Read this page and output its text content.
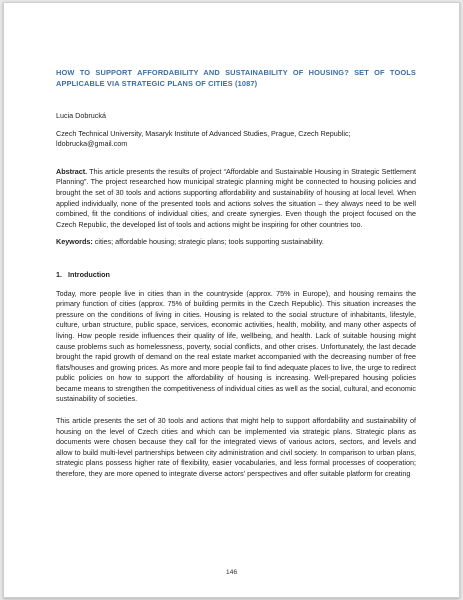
HOW TO SUPPORT AFFORDABILITY AND SUSTAINABILITY OF HOUSING? SET OF TOOLS APPLICABLE VIA STRATEGIC PLANS OF CITIES (1087)

Lucia Dobrucká

Czech Technical University, Masaryk Institute of Advanced Studies, Prague, Czech Republic; ldobrucka@gmail.com

Abstract. This article presents the results of project “Affordable and Sustainable Housing in Strategic Settlement Planning”. The project researched how municipal strategic planning might be connected to housing policies and brought the set of 30 tools and actions supporting affordability and sustainability of housing at local level. When applied individually, none of the presented tools and actions solves the situation – they always need to be well combined, fit the conditions of individual cities, and create synergies. Even though the project focused on the Czech Republic, the developed list of tools and actions might be inspiring for other countries too.

Keywords: cities; affordable housing; strategic plans; tools supporting sustainability.

1. Introduction

Today, more people live in cities than in the countryside (approx. 75% in Europe), and housing remains the primary function of cities (approx. 75% of building permits in the Czech Republic). This situation increases the pressure on the conditions of living in cities. Housing is related to the social structure of inhabitants, lifestyle, culture, urban structure, public space, services, economic activities, health, mobility, and many other aspects of living. How people reside influences their quality of life, wellbeing, and health. Lack of suitable housing might cause problems such as homelessness, poverty, social conflicts, and other crises. Unfortunately, the last decade brought the rapid growth of demand on the real estate market accompanied with the decreasing number of free flats/houses and growing prices. As more and more people fail to find adequate places to live, the urge to redirect public policies on how to support the affordability of housing is increasing. Well-prepared housing policies became means to strengthen the competitiveness of individual cities as well as the social, cultural, and economic sustainability of societies.

This article presents the set of 30 tools and actions that might help to support affordability and sustainability of housing on the level of Czech cities and which can be implemented via strategic plans. Strategic plans as documents were chosen because they call for the integrated views of various actors, sectors, and levels and allow to build multi-level partnerships between city administration and civil society. In comparison to urban plans, strategic plans possess higher rate of flexibility, easier vocabularies, and less formal processes of cooperation; therefore, they are more opened to integrate diverse actors’ perspectives and offer suitable platform for creating

146
